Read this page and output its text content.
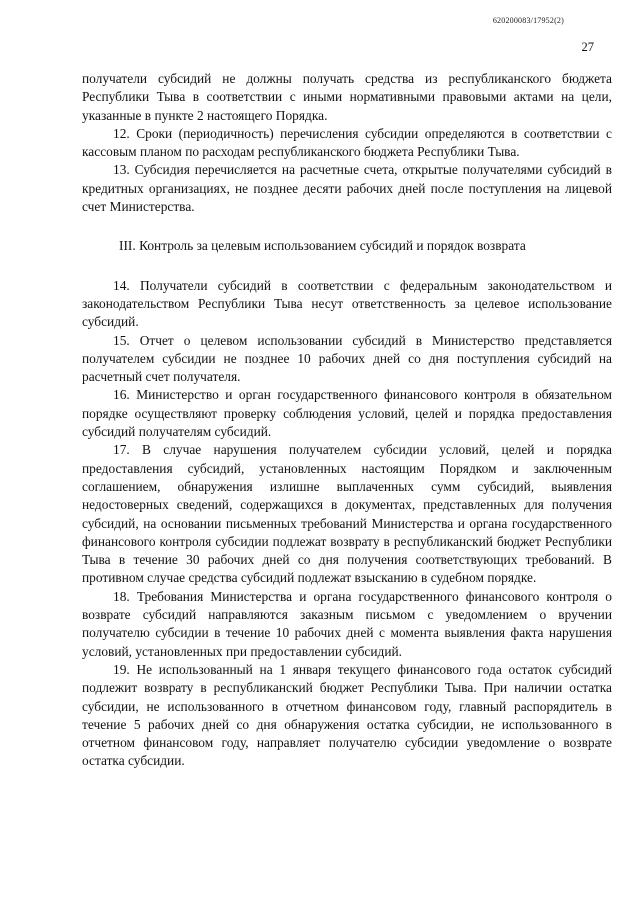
620200083/17952(2)
27

получатели субсидий не должны получать средства из республиканского бюджета Республики Тыва в соответствии с иными нормативными правовыми актами на цели, указанные в пункте 2 настоящего Порядка.

12. Сроки (периодичность) перечисления субсидии определяются в соответствии с кассовым планом по расходам республиканского бюджета Республики Тыва.

13. Субсидия перечисляется на расчетные счета, открытые получателями субсидий в кредитных организациях, не позднее десяти рабочих дней после поступления на лицевой счет Министерства.

III. Контроль за целевым использованием субсидий и порядок возврата

14. Получатели субсидий в соответствии с федеральным законодательством и законодательством Республики Тыва несут ответственность за целевое использование субсидий.

15. Отчет о целевом использовании субсидий в Министерство представляется получателем субсидии не позднее 10 рабочих дней со дня поступления субсидий на расчетный счет получателя.

16. Министерство и орган государственного финансового контроля в обязательном порядке осуществляют проверку соблюдения условий, целей и порядка предоставления субсидий получателям субсидий.

17. В случае нарушения получателем субсидии условий, целей и порядка предоставления субсидий, установленных настоящим Порядком и заключенным соглашением, обнаружения излишне выплаченных сумм субсидий, выявления недостоверных сведений, содержащихся в документах, представленных для получения субсидий, на основании письменных требований Министерства и органа государственного финансового контроля субсидии подлежат возврату в республиканский бюджет Республики Тыва в течение 30 рабочих дней со дня получения соответствующих требований. В противном случае средства субсидий подлежат взысканию в судебном порядке.

18. Требования Министерства и органа государственного финансового контроля о возврате субсидий направляются заказным письмом с уведомлением о вручении получателю субсидии в течение 10 рабочих дней с момента выявления факта нарушения условий, установленных при предоставлении субсидий.

19. Не использованный на 1 января текущего финансового года остаток субсидий подлежит возврату в республиканский бюджет Республики Тыва. При наличии остатка субсидии, не использованного в отчетном финансовом году, главный распорядитель в течение 5 рабочих дней со дня обнаружения остатка субсидии, не использованного в отчетном финансовом году, направляет получателю субсидии уведомление о возврате остатка субсидии.
